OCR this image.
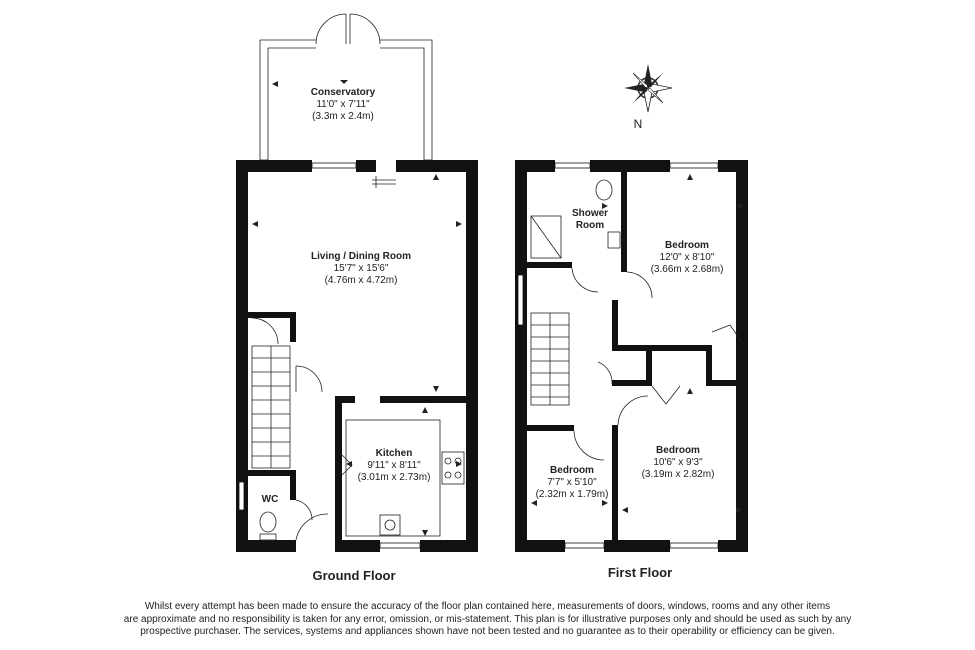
Conservatory
11'0" x 7'11"
(3.3m x 2.4m)
Living / Dining Room
15'7" x 15'6"
(4.76m x 4.72m)
Kitchen
9'11" x 8'11"
(3.01m x 2.73m)
WC
Ground Floor
Shower
Room
Bedroom
12'0" x 8'10"
(3.66m x 2.68m)
Bedroom
10'6" x 9'3"
(3.19m x 2.82m)
Bedroom
7'7" x 5'10"
(2.32m x 1.79m)
First Floor
N
Whilst every attempt has been made to ensure the accuracy of the floor plan contained here, measurements of doors, windows, rooms and any other items
are approximate and no responsibility is taken for any error, omission, or mis-statement. This plan is for illustrative purposes only and should be used as such by any
prospective purchaser. The services, systems and appliances shown have not been tested and no guarantee as to their operability or efficiency can be given.
